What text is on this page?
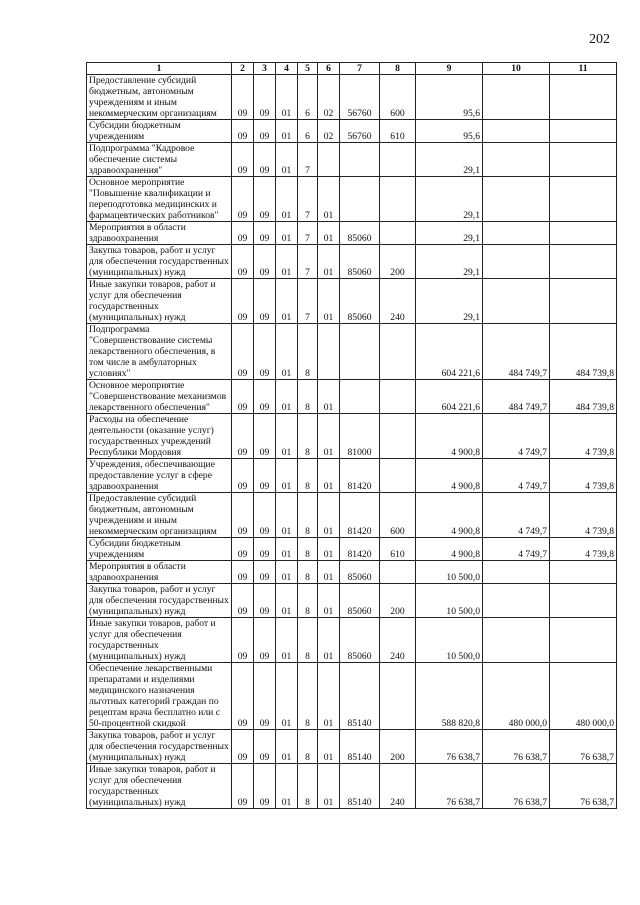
202
1	2	3	4	5	6	7	8	9	10	11
Предоставление субсидий бюджетным, автономным учреждениям и иным некоммерческим организациям	09	09	01	6	02	56760	600	95,6		
Субсидии бюджетным учреждениям	09	09	01	6	02	56760	610	95,6		
Подпрограмма "Кадровое обеспечение системы здравоохранения"	09	09	01	7				29,1		
Основное мероприятие "Повышение квалификации и переподготовка медицинских и фармацевтических работников"	09	09	01	7	01			29,1		
Мероприятия в области здравоохранения	09	09	01	7	01	85060		29,1		
Закупка товаров, работ и услуг для обеспечения государственных (муниципальных) нужд	09	09	01	7	01	85060	200	29,1		
Иные закупки товаров, работ и услуг для обеспечения государственных (муниципальных) нужд	09	09	01	7	01	85060	240	29,1		
Подпрограмма "Совершенствование системы лекарственного обеспечения, в том числе в амбулаторных условиях"	09	09	01	8				604 221,6	484 749,7	484 739,8
Основное мероприятие "Совершенствование механизмов лекарственного обеспечения"	09	09	01	8	01			604 221,6	484 749,7	484 739,8
Расходы на обеспечение деятельности (оказание услуг) государственных учреждений Республики Мордовия	09	09	01	8	01	81000		4 900,8	4 749,7	4 739,8
Учреждения, обеспечивающие предоставление услуг в сфере здравоохранения	09	09	01	8	01	81420		4 900,8	4 749,7	4 739,8
Предоставление субсидий бюджетным, автономным учреждениям и иным некоммерческим организациям	09	09	01	8	01	81420	600	4 900,8	4 749,7	4 739,8
Субсидии бюджетным учреждениям	09	09	01	8	01	81420	610	4 900,8	4 749,7	4 739,8
Мероприятия в области здравоохранения	09	09	01	8	01	85060		10 500,0		
Закупка товаров, работ и услуг для обеспечения государственных (муниципальных) нужд	09	09	01	8	01	85060	200	10 500,0		
Иные закупки товаров, работ и услуг для обеспечения государственных (муниципальных) нужд	09	09	01	8	01	85060	240	10 500,0		
Обеспечение лекарственными препаратами и изделиями медицинского назначения льготных категорий граждан по рецептам врача бесплатно или с 50-процентной скидкой	09	09	01	8	01	85140		588 820,8	480 000,0	480 000,0
Закупка товаров, работ и услуг для обеспечения государственных (муниципальных) нужд	09	09	01	8	01	85140	200	76 638,7	76 638,7	76 638,7
Иные закупки товаров, работ и услуг для обеспечения государственных (муниципальных) нужд	09	09	01	8	01	85140	240	76 638,7	76 638,7	76 638,7
